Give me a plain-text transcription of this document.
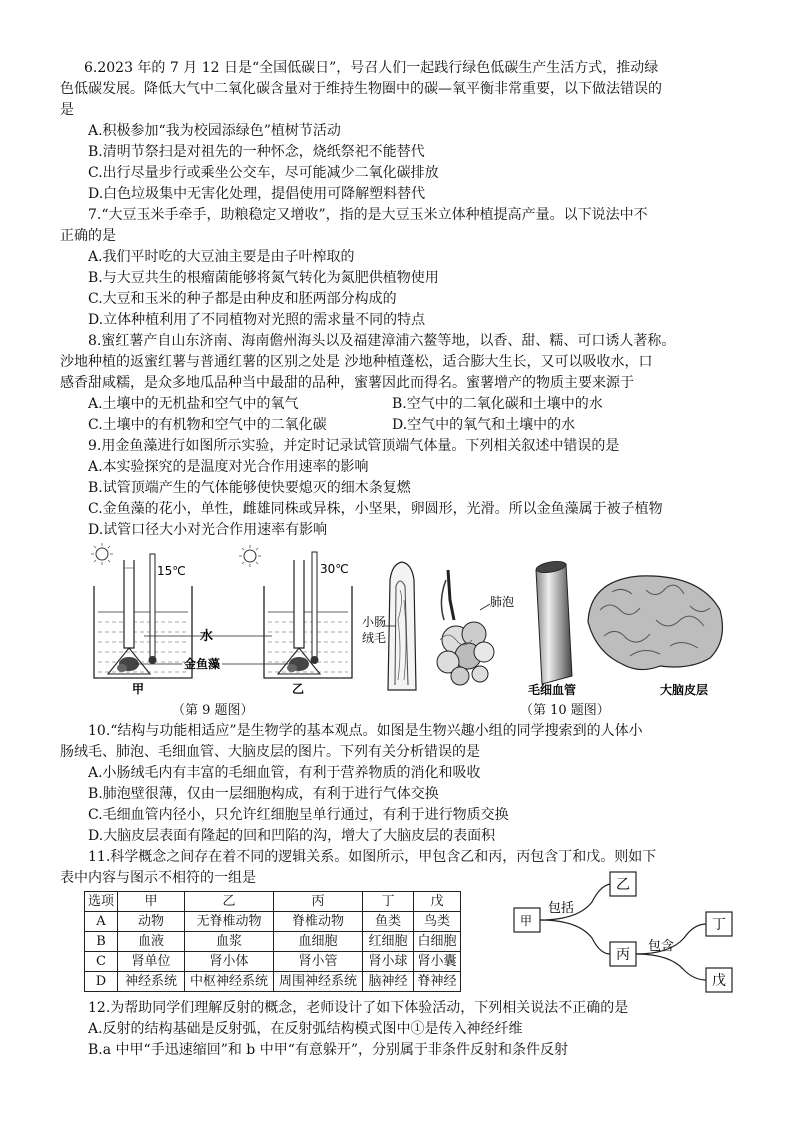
6.2023 年的 7 月 12 日是“全国低碳日”，号召人们一起践行绿色低碳生产生活方式，推动绿
色低碳发展。降低大气中二氧化碳含量对于维持生物圈中的碳—氧平衡非常重要，以下做法错误的
是
A.积极参加“我为校园添绿色”植树节活动
B.清明节祭扫是对祖先的一种怀念，烧纸祭祀不能替代
C.出行尽量步行或乘坐公交车，尽可能减少二氧化碳排放
D.白色垃圾集中无害化处理，提倡使用可降解塑料替代
7.“大豆玉米手牵手，助粮稳定又增收”，指的是大豆玉米立体种植提高产量。以下说法中不
正确的是
A.我们平时吃的大豆油主要是由子叶榨取的
B.与大豆共生的根瘤菌能够将氮气转化为氮肥供植物使用
C.大豆和玉米的种子都是由种皮和胚两部分构成的
D.立体种植利用了不同植物对光照的需求量不同的特点
8.蜜红薯产自山东济南、海南儋州海头以及福建漳浦六鳌等地，以香、甜、糯、可口诱人著称。
沙地种植的返蜜红薯与普通红薯的区别之处是 沙地种植蓬松，适合膨大生长，又可以吸收水，口
感香甜咸糯，是众多地瓜品种当中最甜的品种，蜜薯因此而得名。蜜薯增产的物质主要来源于
A.土壤中的无机盐和空气中的氧气	B.空气中的二氧化碳和土壤中的水
C.土壤中的有机物和空气中的二氧化碳	D.空气中的氧气和土壤中的水
9.用金鱼藻进行如图所示实验，并定时记录试管顶端气体量。下列相关叙述中错误的是
A.本实验探究的是温度对光合作用速率的影响
B.试管顶端产生的气体能够使快要熄灭的细木条复燃
C.金鱼藻的花小，单性，雌雄同株或异株，小坚果，卵圆形，光滑。所以金鱼藻属于被子植物
D.试管口径大小对光合作用速率有影响
15℃	30℃
水
金鱼藻
甲	乙
（第 9 题图）
小肠
绒毛
肺泡
毛细血管	大脑皮层
（第 10 题图）
10.“结构与功能相适应”是生物学的基本观点。如图是生物兴趣小组的同学搜索到的人体小
肠绒毛、肺泡、毛细血管、大脑皮层的图片。下列有关分析错误的是
A.小肠绒毛内有丰富的毛细血管，有利于营养物质的消化和吸收
B.肺泡壁很薄，仅由一层细胞构成，有利于进行气体交换
C.毛细血管内径小，只允许红细胞呈单行通过，有利于进行物质交换
D.大脑皮层表面有隆起的回和凹陷的沟，增大了大脑皮层的表面积
11.科学概念之间存在着不同的逻辑关系。如图所示，甲包含乙和丙，丙包含丁和戊。则如下
表中内容与图示不相符的一组是
选项	甲	乙	丙	丁	戊
A	动物	无脊椎动物	脊椎动物	鱼类	鸟类
B	血液	血浆	血细胞	红细胞	白细胞
C	肾单位	肾小体	肾小管	肾小球	肾小囊
D	神经系统	中枢神经系统	周围神经系统	脑神经	脊神经
甲
乙
丙
丁
戊
包括
包含
12.为帮助同学们理解反射的概念，老师设计了如下体验活动，下列相关说法不正确的是
A.反射的结构基础是反射弧，在反射弧结构模式图中①是传入神经纤维
B.a 中甲“手迅速缩回”和 b 中甲“有意躲开”，分别属于非条件反射和条件反射
